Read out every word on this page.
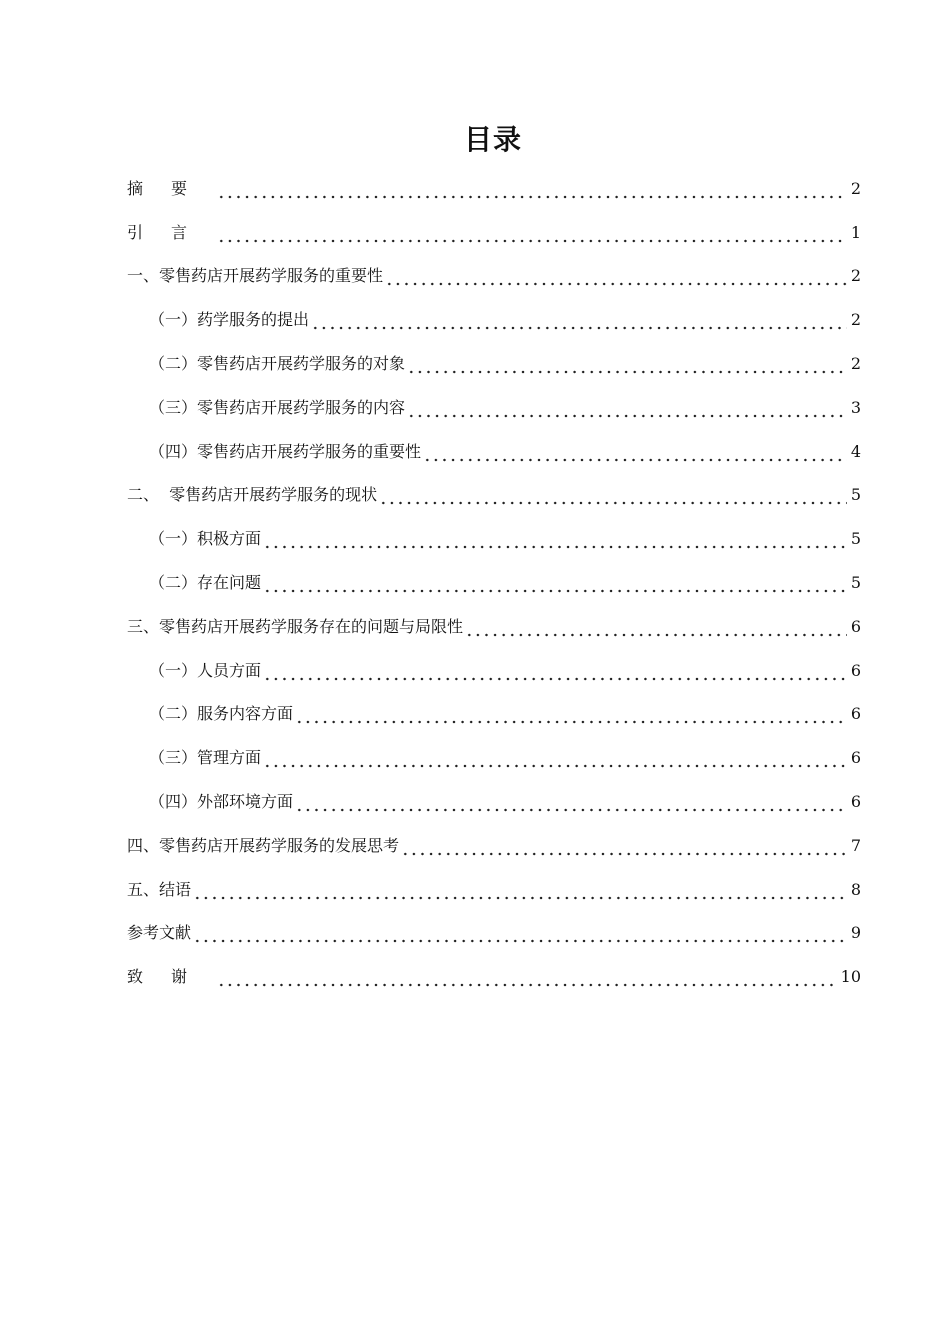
目录
摘要	2
引言	1
一、零售药店开展药学服务的重要性	2
（一）药学服务的提出	2
（二）零售药店开展药学服务的对象	2
（三）零售药店开展药学服务的内容	3
（四）零售药店开展药学服务的重要性	4
二、  零售药店开展药学服务的现状	5
（一）积极方面	5
（二）存在问题	5
三、零售药店开展药学服务存在的问题与局限性	6
（一）人员方面	6
（二）服务内容方面	6
（三）管理方面	6
（四）外部环境方面	6
四、零售药店开展药学服务的发展思考	7
五、结语	8
参考文献	9
致谢	10
